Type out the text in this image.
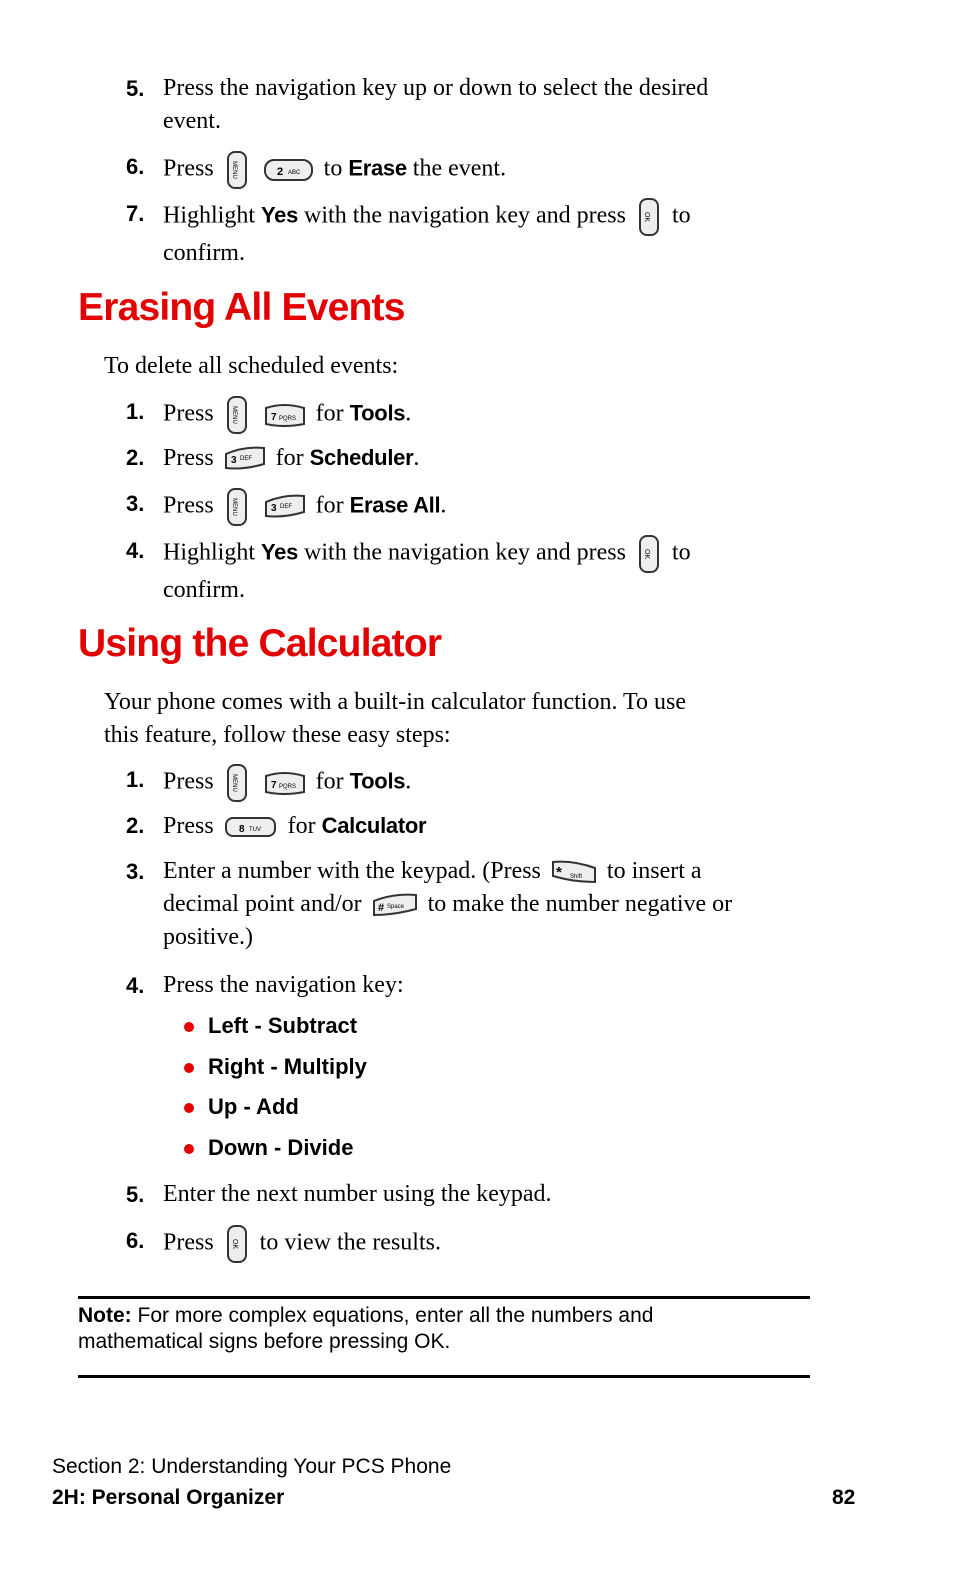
5. Press the navigation key up or down to select the desired
event.
6. Press	MENU
	2 ABC to Erase the event.
7. Highlight Yes with the navigation key and press OK to
confirm.
Erasing All Events
To delete all scheduled events:
1. Press	MENU
	7 PQRS for Tools.
2. Press 3 DEF for Scheduler.
3. Press	MENU
	3 DEF for Erase All.
4. Highlight Yes with the navigation key and press OK to
confirm.
Using the Calculator
Your phone comes with a built-in calculator function. To use
this feature, follow these easy steps:
1. Press	MENU
	7 PQRS for Tools.
2. Press	8 TUV for Calculator
3. Enter a number with the keypad. (Press * Shift to insert a
decimal point and/or # Space to make the number negative or
positive.)
4. Press the navigation key:
Left - Subtract
Right - Multiply
Up - Add
Down - Divide
5. Enter the next number using the keypad.
6. Press OK to view the results.
Note: For more complex equations, enter all the numbers and
mathematical signs before pressing OK.
Section 2: Understanding Your PCS Phone
2H: Personal Organizer	82
